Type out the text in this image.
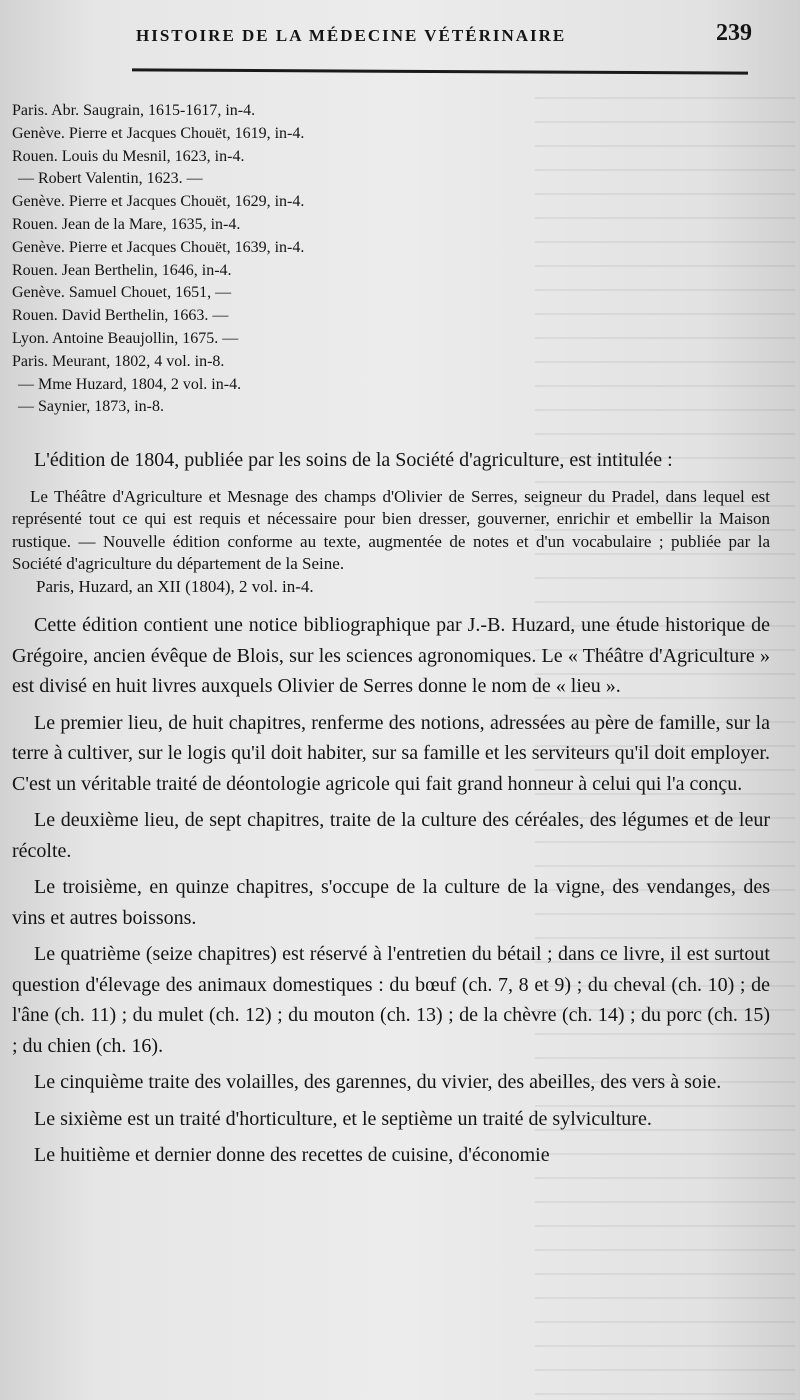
HISTOIRE DE LA MÉDECINE VÉTÉRINAIRE	239
Paris. Abr. Saugrain, 1615-1617, in-4.
Genève. Pierre et Jacques Chouët, 1619, in-4.
Rouen. Louis du Mesnil, 1623, in-4.
— Robert Valentin, 1623. —
Genève. Pierre et Jacques Chouët, 1629, in-4.
Rouen. Jean de la Mare, 1635, in-4.
Genève. Pierre et Jacques Chouët, 1639, in-4.
Rouen. Jean Berthelin, 1646, in-4.
Genève. Samuel Chouet, 1651, —
Rouen. David Berthelin, 1663. —
Lyon. Antoine Beaujollin, 1675. —
Paris. Meurant, 1802, 4 vol. in-8.
— Mme Huzard, 1804, 2 vol. in-4.
— Saynier, 1873, in-8.

L'édition de 1804, publiée par les soins de la Société d'agriculture, est intitulée :

Le Théâtre d'Agriculture et Mesnage des champs d'Olivier de Serres, seigneur du Pradel, dans lequel est représenté tout ce qui est requis et nécessaire pour bien dresser, gouverner, enrichir et embellir la Maison rustique. — Nouvelle édition conforme au texte, augmentée de notes et d'un vocabulaire ; publiée par la Société d'agriculture du département de la Seine.

Paris, Huzard, an XII (1804), 2 vol. in-4.

Cette édition contient une notice bibliographique par J.-B. Huzard, une étude historique de Grégoire, ancien évêque de Blois, sur les sciences agronomiques. Le « Théâtre d'Agriculture » est divisé en huit livres auxquels Olivier de Serres donne le nom de « lieu ».

Le premier lieu, de huit chapitres, renferme des notions, adressées au père de famille, sur la terre à cultiver, sur le logis qu'il doit habiter, sur sa famille et les serviteurs qu'il doit employer. C'est un véritable traité de déontologie agricole qui fait grand honneur à celui qui l'a conçu.

Le deuxième lieu, de sept chapitres, traite de la culture des céréales, des légumes et de leur récolte.

Le troisième, en quinze chapitres, s'occupe de la culture de la vigne, des vendanges, des vins et autres boissons.

Le quatrième (seize chapitres) est réservé à l'entretien du bétail ; dans ce livre, il est surtout question d'élevage des animaux domestiques : du bœuf (ch. 7, 8 et 9) ; du cheval (ch. 10) ; de l'âne (ch. 11) ; du mulet (ch. 12) ; du mouton (ch. 13) ; de la chèvre (ch. 14) ; du porc (ch. 15) ; du chien (ch. 16).

Le cinquième traite des volailles, des garennes, du vivier, des abeilles, des vers à soie.

Le sixième est un traité d'horticulture, et le septième un traité de sylviculture.

Le huitième et dernier donne des recettes de cuisine, d'économie
